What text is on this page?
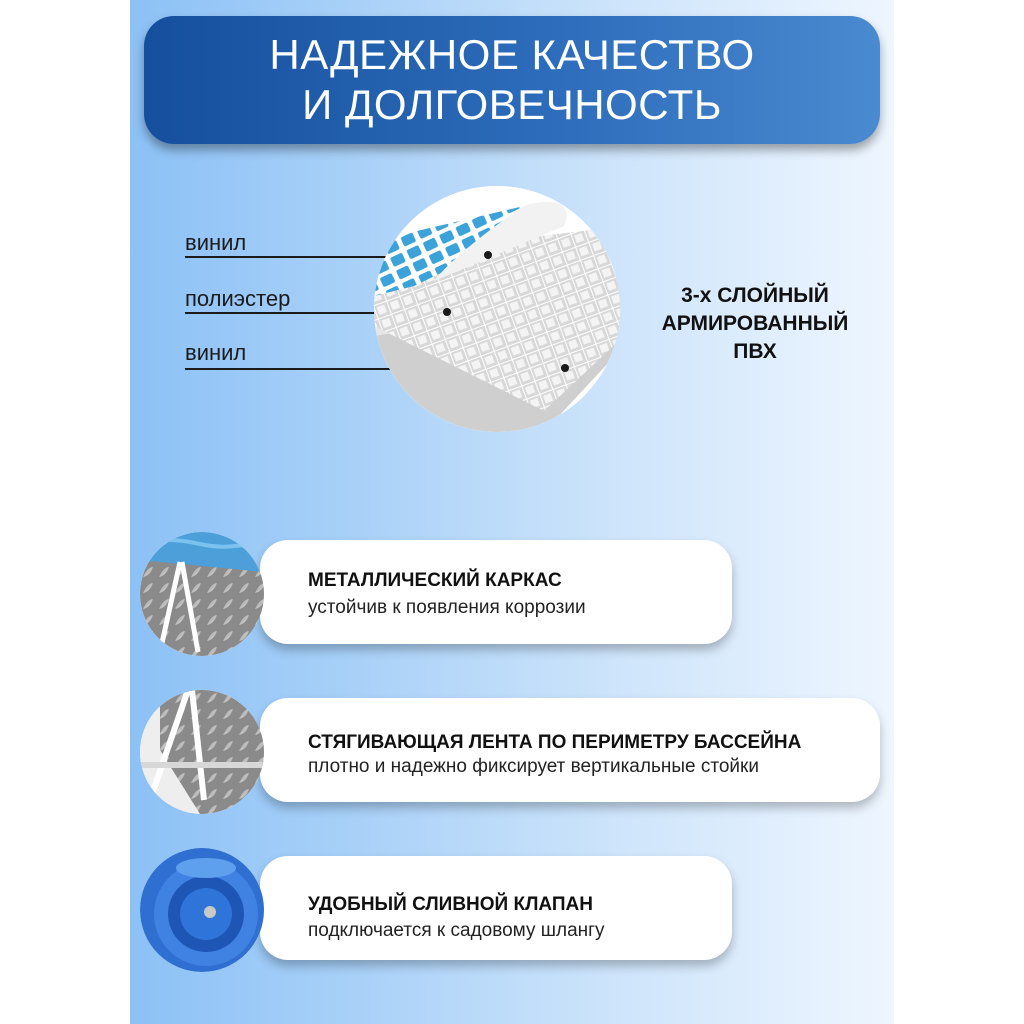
НАДЕЖНОЕ КАЧЕСТВО
И ДОЛГОВЕЧНОСТЬ
винил
полиэстер
винил
3-х СЛОЙНЫЙ
АРМИРОВАННЫЙ
ПВХ
МЕТАЛЛИЧЕСКИЙ КАРКАС
устойчив к появления коррозии
СТЯГИВАЮЩАЯ ЛЕНТА ПО ПЕРИМЕТРУ БАССЕЙНА
плотно и надежно фиксирует вертикальные стойки
УДОБНЫЙ СЛИВНОЙ КЛАПАН
подключается к садовому шлангу
